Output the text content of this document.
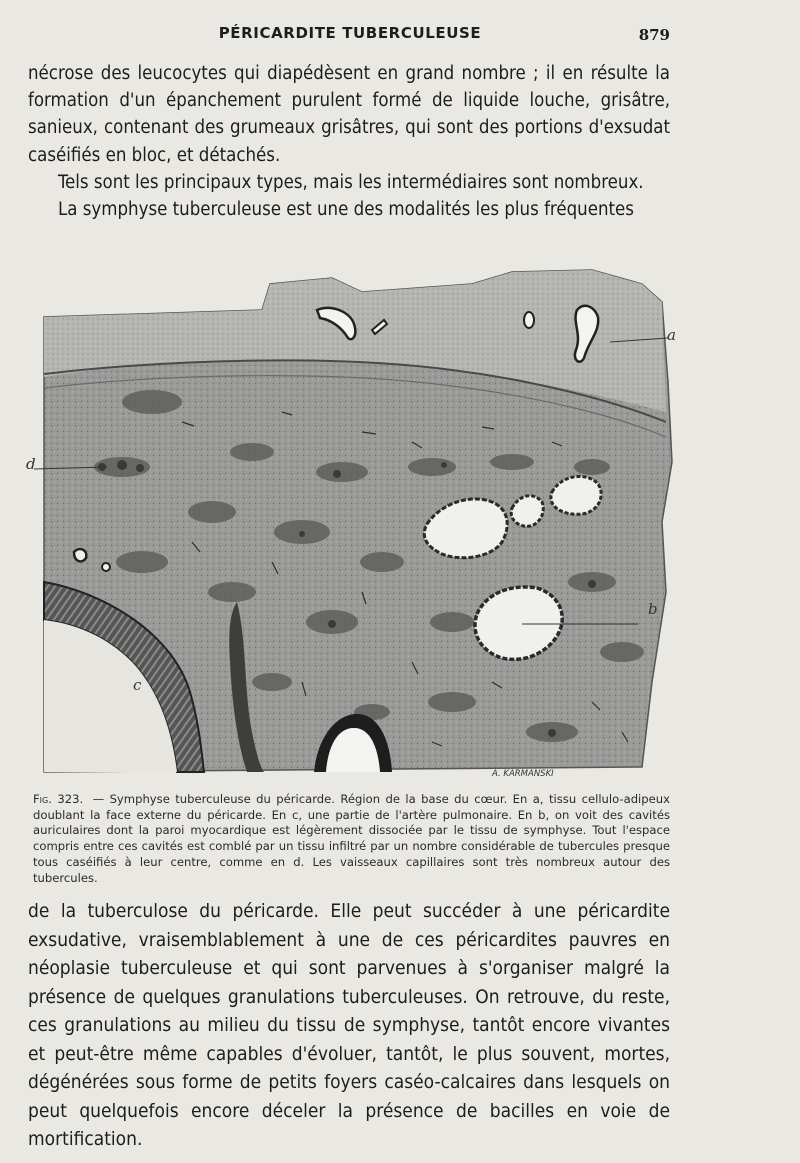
PÉRICARDITE TUBERCULEUSE	879

nécrose des leucocytes qui diapédèsent en grand nombre ; il en résulte la formation d'un épanchement purulent formé de liquide louche, grisâtre, sanieux, contenant des grumeaux grisâtres, qui sont des portions d'exsudat caséifiés en bloc, et détachés.

Tels sont les principaux types, mais les intermédiaires sont nombreux.

La symphyse tuberculeuse est une des modalités les plus fréquentes

A. KARMANSKI
a
d
b
c
Fig. 323. — Symphyse tuberculeuse du péricarde. Région de la base du cœur. En a, tissu cellulo-adipeux doublant la face externe du péricarde. En c, une partie de l'artère pulmonaire. En b, on voit des cavités auriculaires dont la paroi myocardique est légèrement dissociée par le tissu de symphyse. Tout l'espace compris entre ces cavités est comblé par un tissu infiltré par un nombre considérable de tubercules presque tous caséifiés à leur centre, comme en d. Les vaisseaux capillaires sont très nombreux autour des tubercules.

de la tuberculose du péricarde. Elle peut succéder à une péricardite exsudative, vraisemblablement à une de ces péricardites pauvres en néoplasie tuberculeuse et qui sont parvenues à s'organiser malgré la présence de quelques granulations tuberculeuses. On retrouve, du reste, ces granulations au milieu du tissu de symphyse, tantôt encore vivantes et peut-être même capables d'évoluer, tantôt, le plus souvent, mortes, dégénérées sous forme de petits foyers caséo-calcaires dans lesquels on peut quelquefois encore déceler la présence de bacilles en voie de mortification.
